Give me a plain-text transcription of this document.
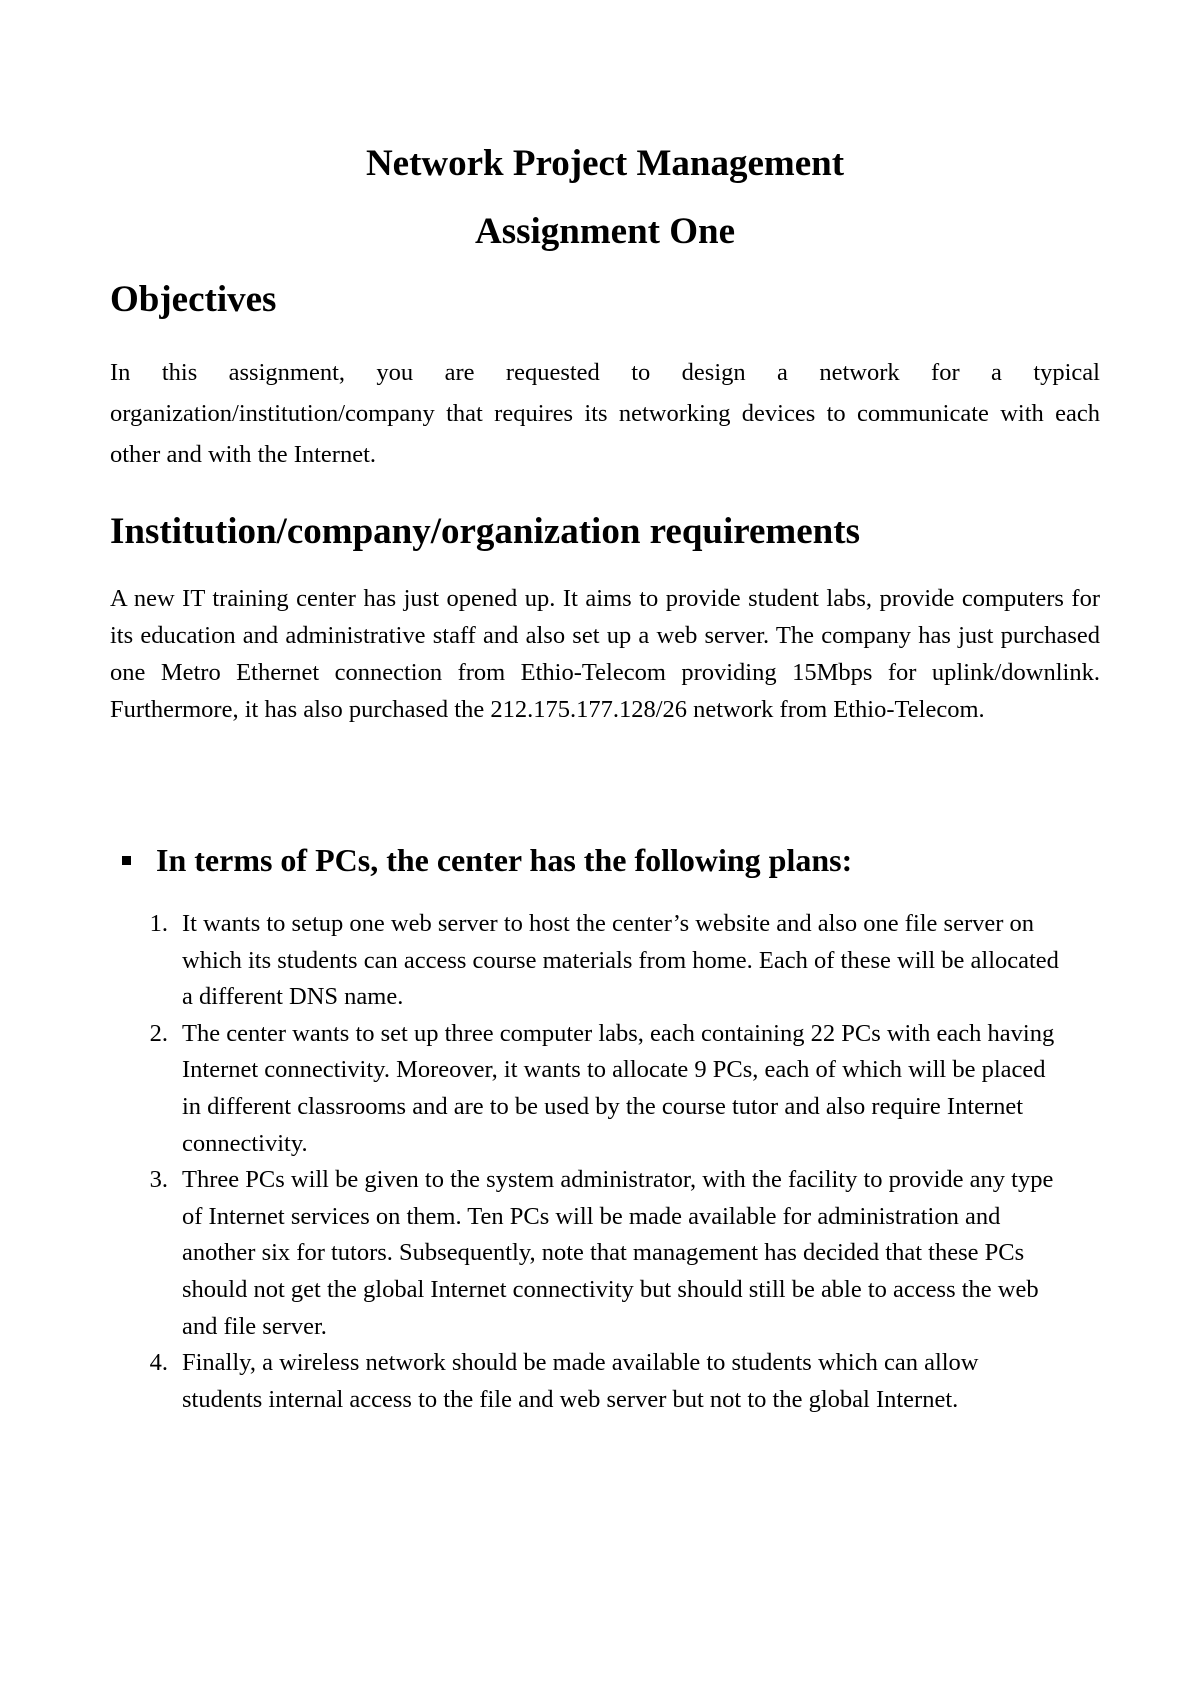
Network Project Management
Assignment One
Objectives

In this assignment, you are requested to design a network for a typical organization/institution/company that requires its networking devices to communicate with each other and with the Internet.

Institution/company/organization requirements

A new IT training center has just opened up. It aims to provide student labs, provide computers for its education and administrative staff and also set up a web server. The company has just purchased one Metro Ethernet connection from Ethio-Telecom providing 15Mbps for uplink/downlink. Furthermore, it has also purchased the 212.175.177.128/26 network from Ethio-Telecom.

In terms of PCs, the center has the following plans:
1. It wants to setup one web server to host the center’s website and also one file server on which its students can access course materials from home. Each of these will be allocated a different DNS name.
2. The center wants to set up three computer labs, each containing 22 PCs with each having Internet connectivity. Moreover, it wants to allocate 9 PCs, each of which will be placed in different classrooms and are to be used by the course tutor and also require Internet connectivity.
3. Three PCs will be given to the system administrator, with the facility to provide any type of Internet services on them. Ten PCs will be made available for administration and another six for tutors. Subsequently, note that management has decided that these PCs should not get the global Internet connectivity but should still be able to access the web and file server.
4. Finally, a wireless network should be made available to students which can allow students internal access to the file and web server but not to the global Internet.
